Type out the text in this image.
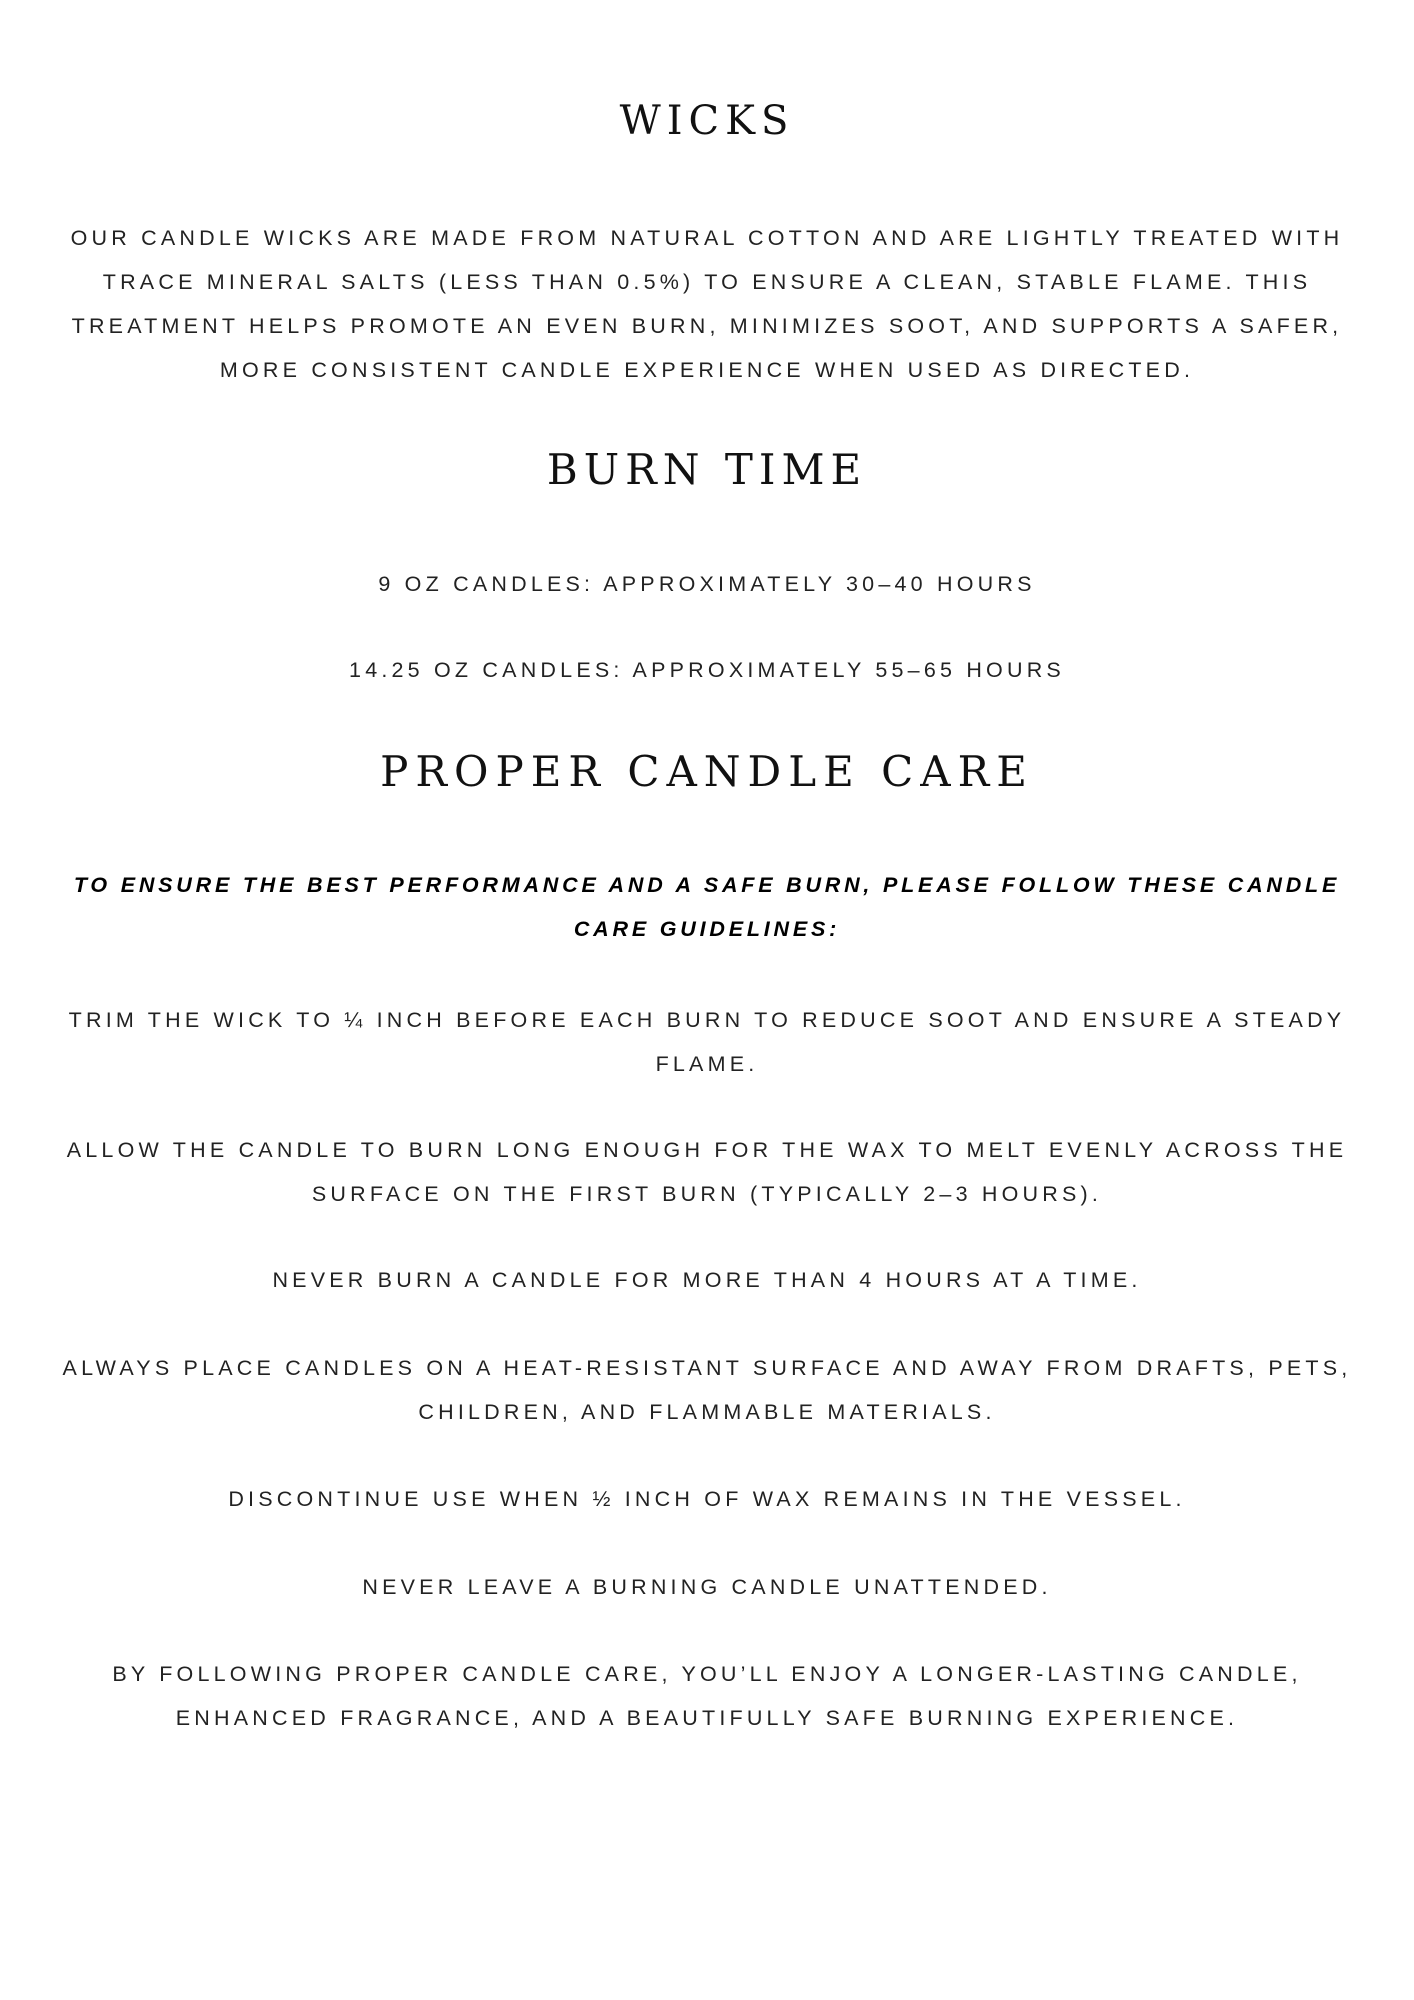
WICKS

OUR CANDLE WICKS ARE MADE FROM NATURAL COTTON AND ARE LIGHTLY TREATED WITH TRACE MINERAL SALTS (LESS THAN 0.5%) TO ENSURE A CLEAN, STABLE FLAME. THIS TREATMENT HELPS PROMOTE AN EVEN BURN, MINIMIZES SOOT, AND SUPPORTS A SAFER, MORE CONSISTENT CANDLE EXPERIENCE WHEN USED AS DIRECTED.

BURN TIME

9 OZ CANDLES: APPROXIMATELY 30–40 HOURS

14.25 OZ CANDLES: APPROXIMATELY 55–65 HOURS

PROPER CANDLE CARE

TO ENSURE THE BEST PERFORMANCE AND A SAFE BURN, PLEASE FOLLOW THESE CANDLE CARE GUIDELINES:

TRIM THE WICK TO ¼ INCH BEFORE EACH BURN TO REDUCE SOOT AND ENSURE A STEADY FLAME.

ALLOW THE CANDLE TO BURN LONG ENOUGH FOR THE WAX TO MELT EVENLY ACROSS THE SURFACE ON THE FIRST BURN (TYPICALLY 2–3 HOURS).

NEVER BURN A CANDLE FOR MORE THAN 4 HOURS AT A TIME.

ALWAYS PLACE CANDLES ON A HEAT-RESISTANT SURFACE AND AWAY FROM DRAFTS, PETS, CHILDREN, AND FLAMMABLE MATERIALS.

DISCONTINUE USE WHEN ½ INCH OF WAX REMAINS IN THE VESSEL.

NEVER LEAVE A BURNING CANDLE UNATTENDED.

BY FOLLOWING PROPER CANDLE CARE, YOU’LL ENJOY A LONGER-LASTING CANDLE, ENHANCED FRAGRANCE, AND A BEAUTIFULLY SAFE BURNING EXPERIENCE.
